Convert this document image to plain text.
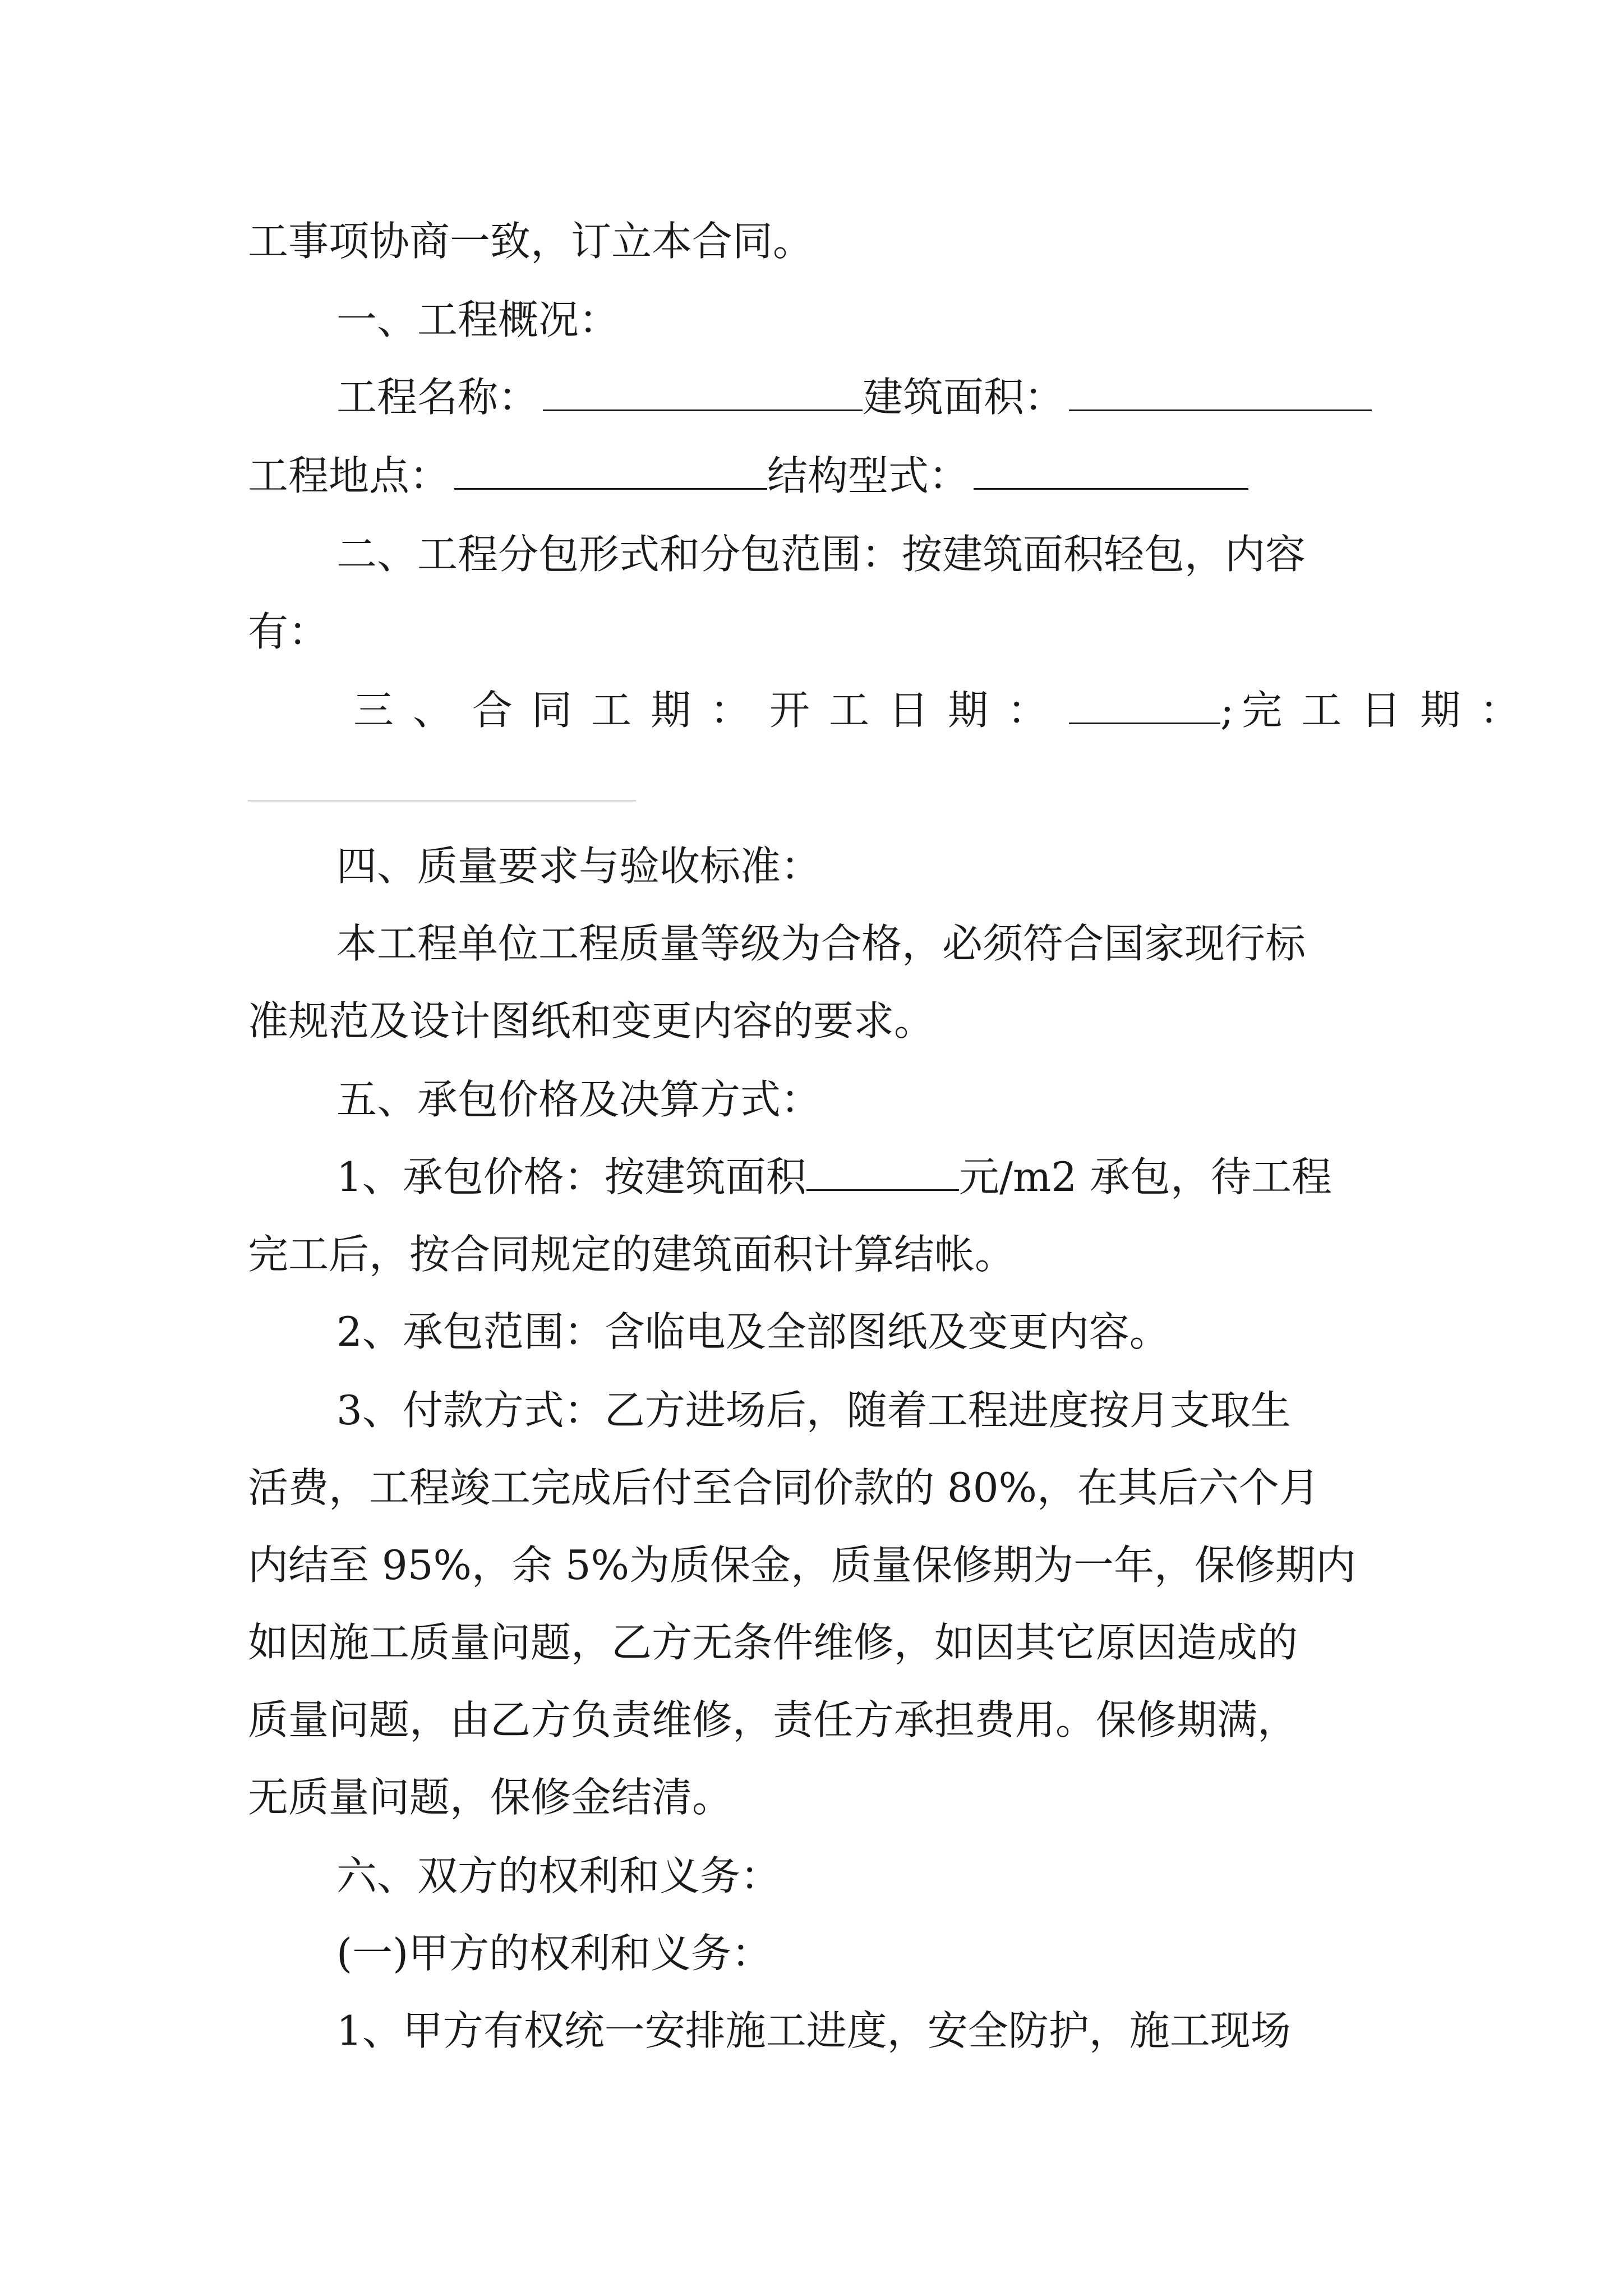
工事项协商一致，订立本合同。
一、工程概况：
工程名称：	建筑面积：
工程地点：	结构型式：
二、工程分包形式和分包范围：按建筑面积轻包，内容
有：
三、合同工期：开工日期：	; 完工日期：
四、质量要求与验收标准：
本工程单位工程质量等级为合格，必须符合国家现行标
准规范及设计图纸和变更内容的要求。
五、承包价格及决算方式：
1、承包价格：按建筑面积	元/m2 承包，待工程
完工后，按合同规定的建筑面积计算结帐。
2、承包范围：含临电及全部图纸及变更内容。
3、付款方式：乙方进场后，随着工程进度按月支取生
活费，工程竣工完成后付至合同价款的 80%，在其后六个月
内结至 95%，余 5%为质保金，质量保修期为一年，保修期内
如因施工质量问题，乙方无条件维修，如因其它原因造成的
质量问题，由乙方负责维修，责任方承担费用。保修期满，
无质量问题，保修金结清。
六、双方的权利和义务：
(一)甲方的权利和义务：
1、甲方有权统一安排施工进度，安全防护，施工现场
